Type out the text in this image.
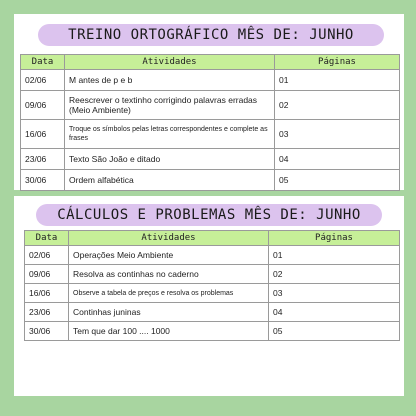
TREINO ORTOGRÁFICO MÊS DE: JUNHO
Data	Atividades	Páginas
02/06	M antes de p e b	01
09/06	Reescrever o textinho corrigindo palavras erradas (Meio Ambiente)	02
16/06	Troque os símbolos pelas letras correspondentes e complete as frases	03
23/06	Texto São João e ditado	04
30/06	Ordem alfabética	05
CÁLCULOS E PROBLEMAS MÊS DE: JUNHO
Data	Atividades	Páginas
02/06	Operações Meio Ambiente	01
09/06	Resolva as continhas no caderno	02
16/06	Observe a tabela de preços e resolva os problemas	03
23/06	Continhas juninas	04
30/06	Tem que dar 100 .... 1000	05
